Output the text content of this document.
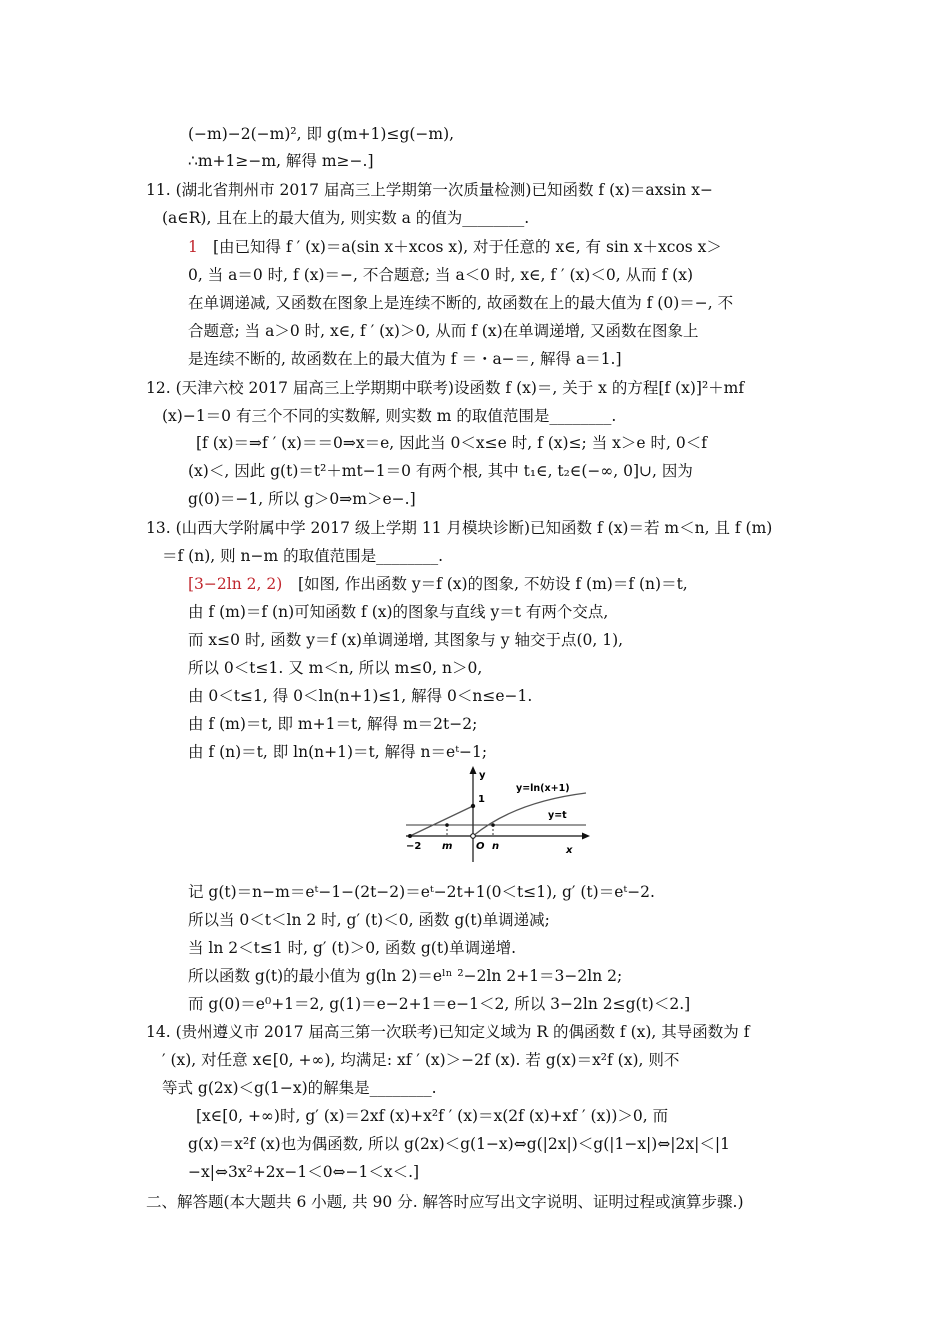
(−m)−2(−m)², 即 g(m+1)≤g(−m),
∴m+1≥−m, 解得 m≥−.]
11. (湖北省荆州市 2017 届高三上学期第一次质量检测)已知函数 f (x)＝axsin x−
(a∈R), 且在上的最大值为, 则实数 a 的值为________.
1 [由已知得 f ′ (x)＝a(sin x＋xcos x), 对于任意的 x∈, 有 sin x＋xcos x＞
0, 当 a＝0 时, f (x)＝−, 不合题意; 当 a＜0 时, x∈, f ′ (x)＜0, 从而 f (x)
在单调递减, 又函数在图象上是连续不断的, 故函数在上的最大值为 f (0)＝−, 不
合题意; 当 a＞0 时, x∈, f ′ (x)＞0, 从而 f (x)在单调递增, 又函数在图象上
是连续不断的, 故函数在上的最大值为 f ＝・a−＝, 解得 a＝1.]
12. (天津六校 2017 届高三上学期期中联考)设函数 f (x)＝, 关于 x 的方程[f (x)]²＋mf
(x)−1＝0 有三个不同的实数解, 则实数 m 的取值范围是________.
[f (x)＝⇒f ′ (x)＝＝0⇒x＝e, 因此当 0＜x≤e 时, f (x)≤; 当 x＞e 时, 0＜f
(x)＜, 因此 g(t)＝t²＋mt−1＝0 有两个根, 其中 t₁∈, t₂∈(−∞, 0]∪, 因为
g(0)＝−1, 所以 g＞0⇒m＞e−.]
13. (山西大学附属中学 2017 级上学期 11 月模块诊断)已知函数 f (x)＝若 m＜n, 且 f (m)
＝f (n), 则 n−m 的取值范围是________.
[3−2ln 2, 2) [如图, 作出函数 y＝f (x)的图象, 不妨设 f (m)＝f (n)＝t,
由 f (m)＝f (n)可知函数 f (x)的图象与直线 y＝t 有两个交点,
而 x≤0 时, 函数 y＝f (x)单调递增, 其图象与 y 轴交于点(0, 1),
所以 0＜t≤1. 又 m＜n, 所以 m≤0, n＞0,
由 0＜t≤1, 得 0＜ln(n+1)≤1, 解得 0＜n≤e−1.
由 f (m)＝t, 即 m+1＝t, 解得 m＝2t−2;
由 f (n)＝t, 即 ln(n+1)＝t, 解得 n＝eᵗ−1;
y=ln(x+1)
y=t
y
x
1
−2 m O n
记 g(t)＝n−m＝eᵗ−1−(2t−2)＝eᵗ−2t+1(0＜t≤1), g′ (t)＝eᵗ−2.
所以当 0＜t＜ln 2 时, g′ (t)＜0, 函数 g(t)单调递减;
当 ln 2＜t≤1 时, g′ (t)＞0, 函数 g(t)单调递增.
所以函数 g(t)的最小值为 g(ln 2)＝eˡⁿ ²−2ln 2+1＝3−2ln 2;
而 g(0)＝e⁰+1＝2, g(1)＝e−2+1＝e−1＜2, 所以 3−2ln 2≤g(t)＜2.]
14. (贵州遵义市 2017 届高三第一次联考)已知定义域为 R 的偶函数 f (x), 其导函数为 f
′ (x), 对任意 x∈[0, +∞), 均满足: xf ′ (x)＞−2f (x). 若 g(x)＝x²f (x), 则不
等式 g(2x)＜g(1−x)的解集是________.
[x∈[0, +∞)时, g′ (x)＝2xf (x)+x²f ′ (x)＝x(2f (x)+xf ′ (x))＞0, 而
g(x)＝x²f (x)也为偶函数, 所以 g(2x)＜g(1−x)⇔g(|2x|)＜g(|1−x|)⇔|2x|＜|1
−x|⇔3x²+2x−1＜0⇔−1＜x＜.]
二、解答题(本大题共 6 小题, 共 90 分. 解答时应写出文字说明、证明过程或演算步骤.)
